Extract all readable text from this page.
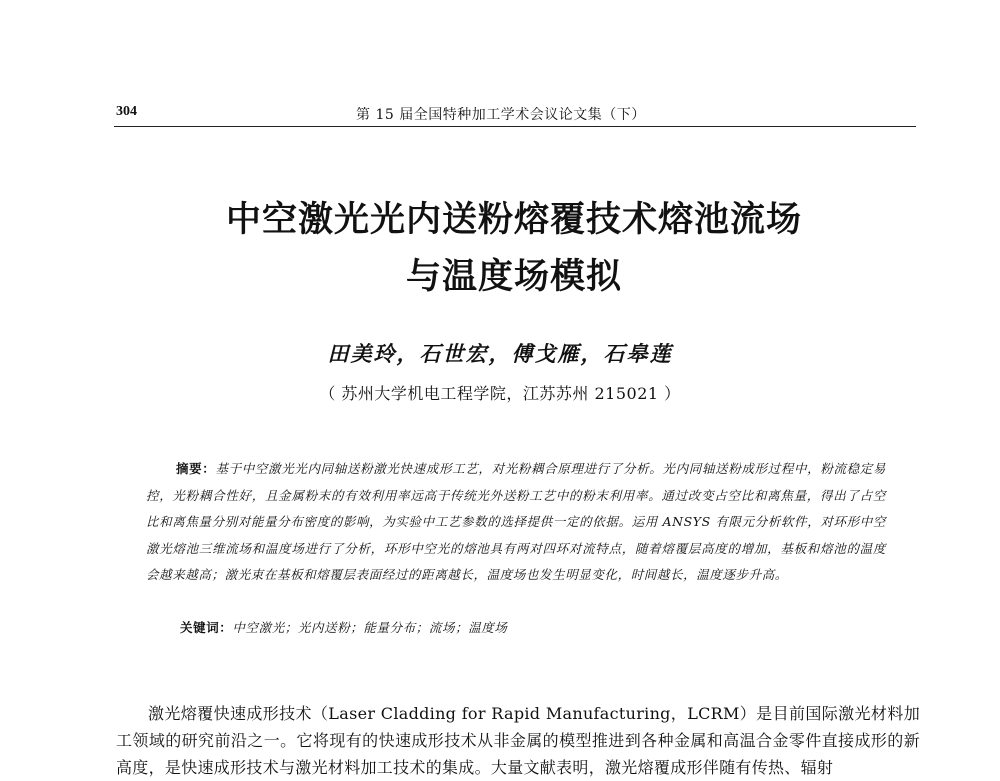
304	第 15 届全国特种加工学术会议论文集（下）
中空激光光内送粉熔覆技术熔池流场
与温度场模拟
田美玲，石世宏，傅戈雁，石皋莲
（ 苏州大学机电工程学院，江苏苏州 215021 ）
摘要：基于中空激光光内同轴送粉激光快速成形工艺，对光粉耦合原理进行了分析。光内同轴送粉成形过程中，粉流稳定易控，光粉耦合性好，且金属粉末的有效利用率远高于传统光外送粉工艺中的粉末利用率。通过改变占空比和离焦量，得出了占空比和离焦量分别对能量分布密度的影响，为实验中工艺参数的选择提供一定的依据。运用 ANSYS 有限元分析软件，对环形中空激光熔池三维流场和温度场进行了分析，环形中空光的熔池具有两对四环对流特点，随着熔覆层高度的增加，基板和熔池的温度会越来越高；激光束在基板和熔覆层表面经过的距离越长，温度场也发生明显变化，时间越长，温度逐步升高。
关键词：中空激光；光内送粉；能量分布；流场；温度场
激光熔覆快速成形技术（Laser Cladding for Rapid Manufacturing，LCRM）是目前国际激光材料加工领域的研究前沿之一。它将现有的快速成形技术从非金属的模型推进到各种金属和高温合金零件直接成形的新高度，是快速成形技术与激光材料加工技术的集成。大量文献表明，激光熔覆成形伴随有传热、辐射
